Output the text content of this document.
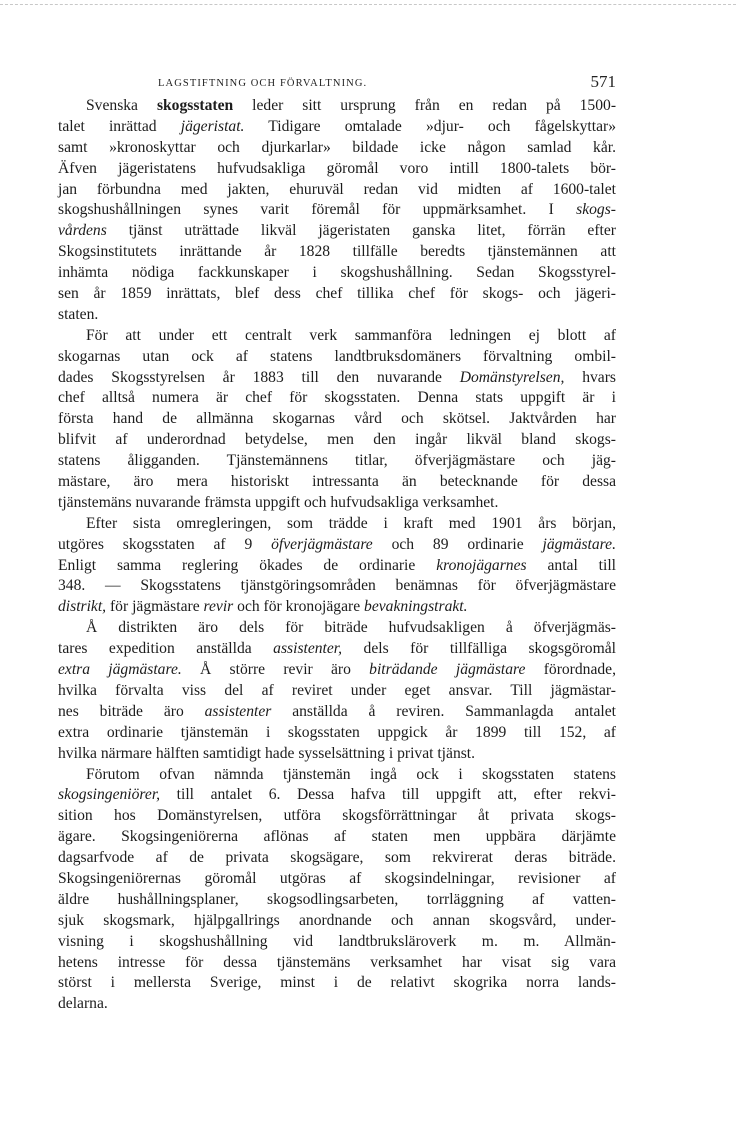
LAGSTIFTNING OCH FÖRVALTNING.	571
Svenska skogsstaten leder sitt ursprung från en redan på 1500-
talet inrättad jägeristat. Tidigare omtalade »djur- och fågelskyttar»
samt »kronoskyttar och djurkarlar» bildade icke någon samlad kår.
Äfven jägeristatens hufvudsakliga göromål voro intill 1800-talets bör-
jan förbundna med jakten, ehuruväl redan vid midten af 1600-talet
skogshushållningen synes varit föremål för uppmärksamhet. I skogs-
vårdens tjänst uträttade likväl jägeristaten ganska litet, förrän efter
Skogsinstitutets inrättande år 1828 tillfälle beredts tjänstemännen att
inhämta nödiga fackkunskaper i skogshushållning. Sedan Skogsstyrel-
sen år 1859 inrättats, blef dess chef tillika chef för skogs- och jägeri-
staten.
För att under ett centralt verk sammanföra ledningen ej blott af
skogarnas utan ock af statens landtbruksdomäners förvaltning ombil-
dades Skogsstyrelsen år 1883 till den nuvarande Domänstyrelsen, hvars
chef alltså numera är chef för skogsstaten. Denna stats uppgift är i
första hand de allmänna skogarnas vård och skötsel. Jaktvården har
blifvit af underordnad betydelse, men den ingår likväl bland skogs-
statens åligganden. Tjänstemännens titlar, öfverjägmästare och jäg-
mästare, äro mera historiskt intressanta än betecknande för dessa
tjänstemäns nuvarande främsta uppgift och hufvudsakliga verksamhet.
Efter sista omregleringen, som trädde i kraft med 1901 års början,
utgöres skogsstaten af 9 öfverjägmästare och 89 ordinarie jägmästare.
Enligt samma reglering ökades de ordinarie kronojägarnes antal till
348. — Skogsstatens tjänstgöringsområden benämnas för öfverjägmästare
distrikt, för jägmästare revir och för kronojägare bevakningstrakt.
Å distrikten äro dels för biträde hufvudsakligen å öfverjägmäs-
tares expedition anställda assistenter, dels för tillfälliga skogsgöromål
extra jägmästare. Å större revir äro biträdande jägmästare förordnade,
hvilka förvalta viss del af reviret under eget ansvar. Till jägmästar-
nes biträde äro assistenter anställda å reviren. Sammanlagda antalet
extra ordinarie tjänstemän i skogsstaten uppgick år 1899 till 152, af
hvilka närmare hälften samtidigt hade sysselsättning i privat tjänst.
Förutom ofvan nämnda tjänstemän ingå ock i skogsstaten statens
skogsingeniörer, till antalet 6. Dessa hafva till uppgift att, efter rekvi-
sition hos Domänstyrelsen, utföra skogsförrättningar åt privata skogs-
ägare. Skogsingeniörerna aflönas af staten men uppbära därjämte
dagsarfvode af de privata skogsägare, som rekvirerat deras biträde.
Skogsingeniörernas göromål utgöras af skogsindelningar, revisioner af
äldre hushållningsplaner, skogsodlingsarbeten, torrläggning af vatten-
sjuk skogsmark, hjälpgallrings anordnande och annan skogsvård, under-
visning i skogshushållning vid landtbruksläroverk m. m. Allmän-
hetens intresse för dessa tjänstemäns verksamhet har visat sig vara
störst i mellersta Sverige, minst i de relativt skogrika norra lands-
delarna.
